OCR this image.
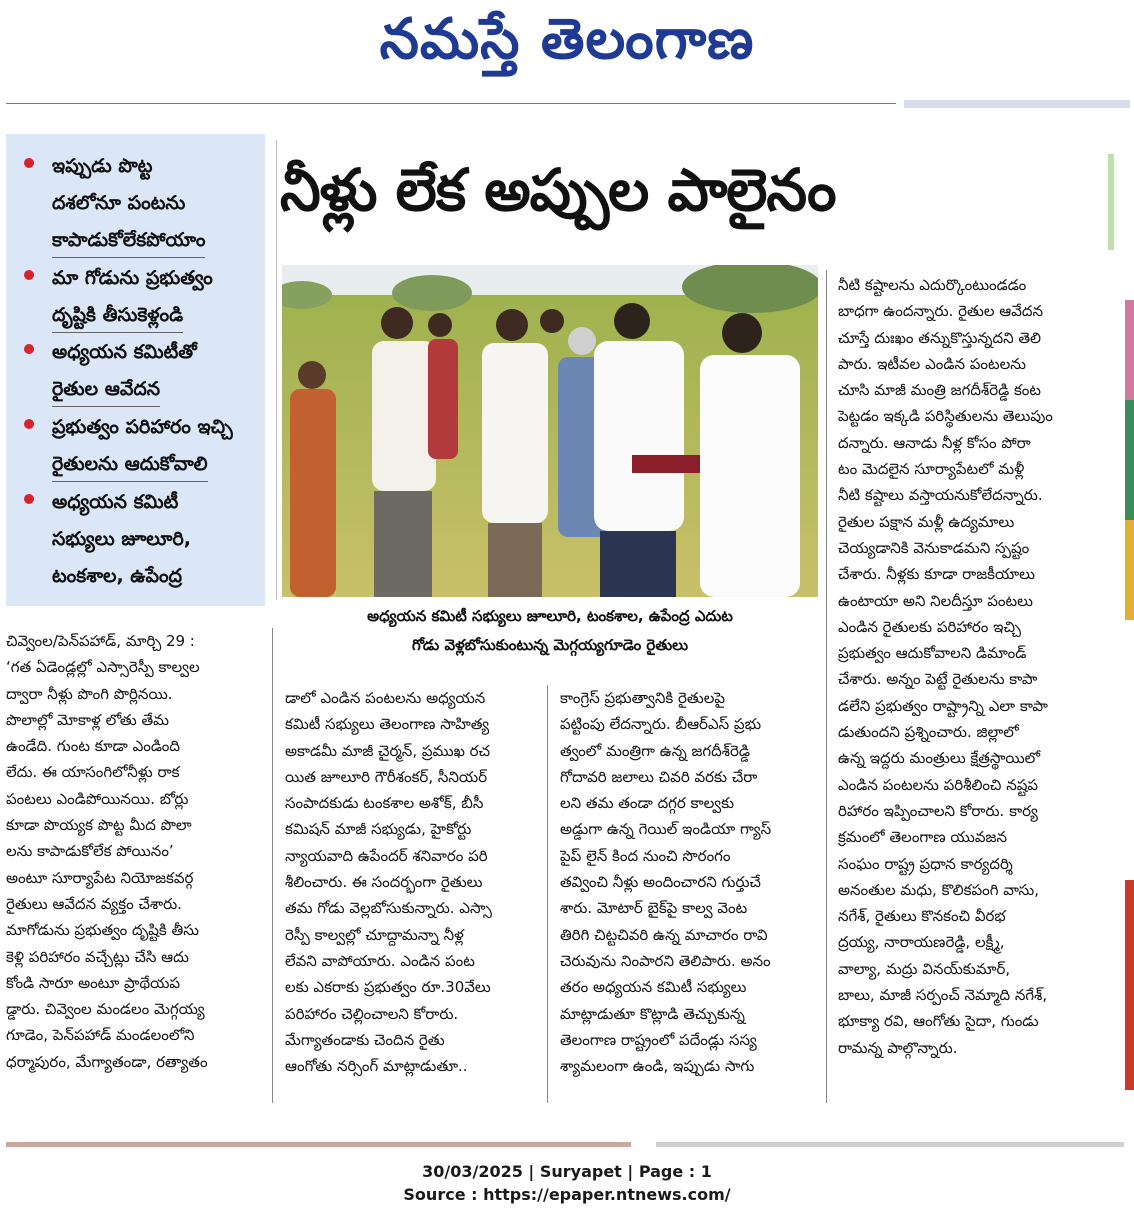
నమస్తే తెలంగాణ
ఇప్పుడు పొట్ట
దశలోనూ పంటను
కాపాడుకోలేకపోయాం
మా గోడును ప్రభుత్వం
దృష్టికి తీసుకెళ్లండి
అధ్యయన కమిటీతో
రైతుల ఆవేదన
ప్రభుత్వం పరిహారం ఇచ్చి
రైతులను ఆదుకోవాలి
అధ్యయన కమిటీ
సభ్యులు జూలూరి,
టంకశాల, ఉపేంద్ర
నీళ్లు లేక అప్పుల పాలైనం
అధ్యయన కమిటీ సభ్యులు జూలూరి, టంకశాల, ఉపేంద్ర ఎదుట
గోడు వెళ్లబోసుకుంటున్న మెగ్గయ్యగూడెం రైతులు
చివ్వెంల/పెన్‌పహాడ్, మార్చి 29 :
‘గత ఏడెండ్లల్లో ఎస్సారెస్పీ కాల్వల
ద్వారా నీళ్లు పొంగి పొర్లినయి.
పొలాల్లో మోకాళ్ల లోతు తేమ
ఉండేది. గుంట కూడా ఎండింది
లేదు. ఈ యాసంగిలోనీళ్లు రాక
పంటలు ఎండిపోయినయి. బోర్లు
కూడా పొయ్యక పొట్ట మీద పొలా
లను కాపాడుకోలేక పోయినం’
అంటూ సూర్యాపేట నియోజకవర్గ
రైతులు ఆవేదన వ్యక్తం చేశారు.
మాగోడును ప్రభుత్వం దృష్టికి తీసు
కెళ్లి పరిహారం వచ్చేట్లు చేసి ఆదు
కోండి సారూ అంటూ ప్రాథేయప
డ్డారు. చివ్వెంల మండలం మెగ్గయ్య
గూడెం, పెన్‌పహాడ్ మండలంలోని
ధర్మాపురం, మేగ్యాతండా, రత్యాతం
డాలో ఎండిన పంటలను అధ్యయన
కమిటీ సభ్యులు తెలంగాణ సాహిత్య
అకాడమీ మాజీ చైర్మన్, ప్రముఖ రచ
యిత జూలూరి గౌరీశంకర్, సీనియర్
సంపాదకుడు టంకశాల అశోక్, బీసీ
కమిషన్ మాజీ సభ్యుడు, హైకోర్టు
న్యాయవాది ఉపేందర్ శనివారం పరి
శీలించారు. ఈ సందర్భంగా రైతులు
తమ గోడు వెల్లబోసుకున్నారు. ఎస్సా
రెస్పీ కాల్వల్లో చూద్దామన్నా నీళ్ల
లేవని వాపోయారు. ఎండిన పంట
లకు ఎకరాకు ప్రభుత్వం రూ.30వేలు
పరిహారం చెల్లించాలని కోరారు.
మేగ్యాతండాకు చెందిన రైతు
ఆంగోతు నర్సింగ్ మాట్లాడుతూ..
కాంగ్రెస్ ప్రభుత్వానికి రైతులపై
పట్టింపు లేదన్నారు. బీఆర్‌ఎస్ ప్రభు
త్వంలో మంత్రిగా ఉన్న జగదీశ్‌రెడ్డి
గోదావరి జలాలు చివరి వరకు చేరా
లని తమ తండా దగ్గర కాల్వకు
అడ్డుగా ఉన్న గెయిల్ ఇండియా గ్యాస్
పైప్ లైన్ కింద నుంచి సొరంగం
తవ్వించి నీళ్లు అందించారని గుర్తుచే
శారు. మోటార్ బైక్‌పై కాల్వ వెంట
తిరిగి చిట్టచివరి ఉన్న మాచారం రావి
చెరువును నింపారని తెలిపారు. అనం
తరం అధ్యయన కమిటీ సభ్యులు
మాట్లాడుతూ కొట్లాడి తెచ్చుకున్న
తెలంగాణ రాష్ట్రంలో పదేండ్లు సస్య
శ్యామలంగా ఉండి, ఇప్పుడు సాగు
నీటి కష్టాలను ఎదుర్కొంటుండడం
బాధగా ఉందన్నారు. రైతుల ఆవేదన
చూస్తే దుఃఖం తన్నుకొస్తున్నదని తెలి
పారు. ఇటీవల ఎండిన పంటలను
చూసి మాజీ మంత్రి జగదీశ్‌రెడ్డి కంట
పెట్టడం ఇక్కడి పరిస్థితులను తెలుపుం
దన్నారు. ఆనాడు నీళ్ల కోసం పోరా
టం మెదలైన సూర్యాపేటలో మళ్లీ
నీటి కష్టాలు వస్తాయనుకోలేదన్నారు.
రైతుల పక్షాన మళ్లీ ఉద్యమాలు
చెయ్యడానికి వెనుకాడమని స్పష్టం
చేశారు. నీళ్లకు కూడా రాజకీయాలు
ఉంటాయా అని నిలదీస్తూ పంటలు
ఎండిన రైతులకు పరిహారం ఇచ్చి
ప్రభుత్వం ఆదుకోవాలని డిమాండ్
చేశారు. అన్నం పెట్టే రైతులను కాపా
డలేని ప్రభుత్వం రాష్ట్రాన్ని ఎలా కాపా
డుతుందని ప్రశ్నించారు. జిల్లాలో
ఉన్న ఇద్దరు మంత్రులు క్షేత్రస్థాయిలో
ఎండిన పంటలను పరిశీలించి నష్టప
రిహారం ఇప్పించాలని కోరారు. కార్య
క్రమంలో తెలంగాణ యువజన
సంఘం రాష్ట్ర ప్రధాన కార్యదర్శి
అనంతుల మధు, కొలికపంగి వాసు,
నగేశ్, రైతులు కొనకంచి వీరభ
ద్రయ్య, నారాయణరెడ్డి, లక్ష్మీ,
వాల్యా, మద్రు వినయ్‌కుమార్,
బాలు, మాజీ సర్పంచ్ నెమ్మాది నగేశ్,
భూక్యా రవి, ఆంగోతు సైదా, గుండు
రామన్న పాల్గొన్నారు.
30/03/2025 | Suryapet | Page : 1
Source : https://epaper.ntnews.com/
